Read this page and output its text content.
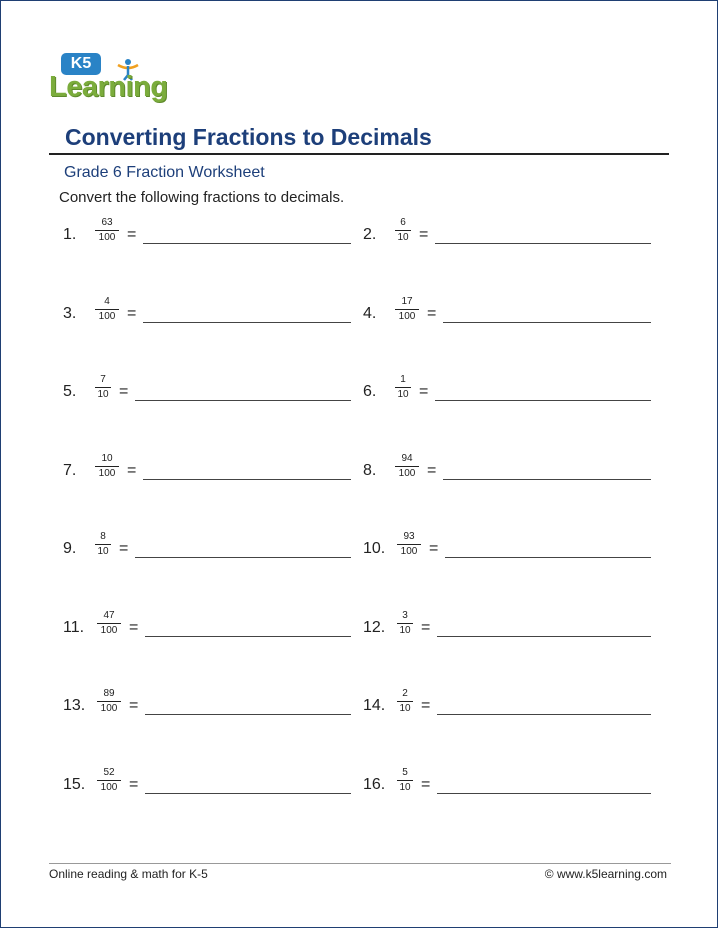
K5
Learning
Converting Fractions to Decimals
Grade 6 Fraction Worksheet
Convert the following fractions to decimals.
1.
63
100 =	2.
6
10 =
3.
4
100 =	4.
17
100 =
5.
7
10 =	6.
1
10 =
7.
10
100 =	8.
94
100 =
9.
8
10 =	10.
93
100 =
11.
47
100 =	12.
3
10 =
13.
89
100 =	14.
2
10 =
15.
52
100 =	16.
5
10 =
Online reading & math for K-5	© www.k5learning.com
